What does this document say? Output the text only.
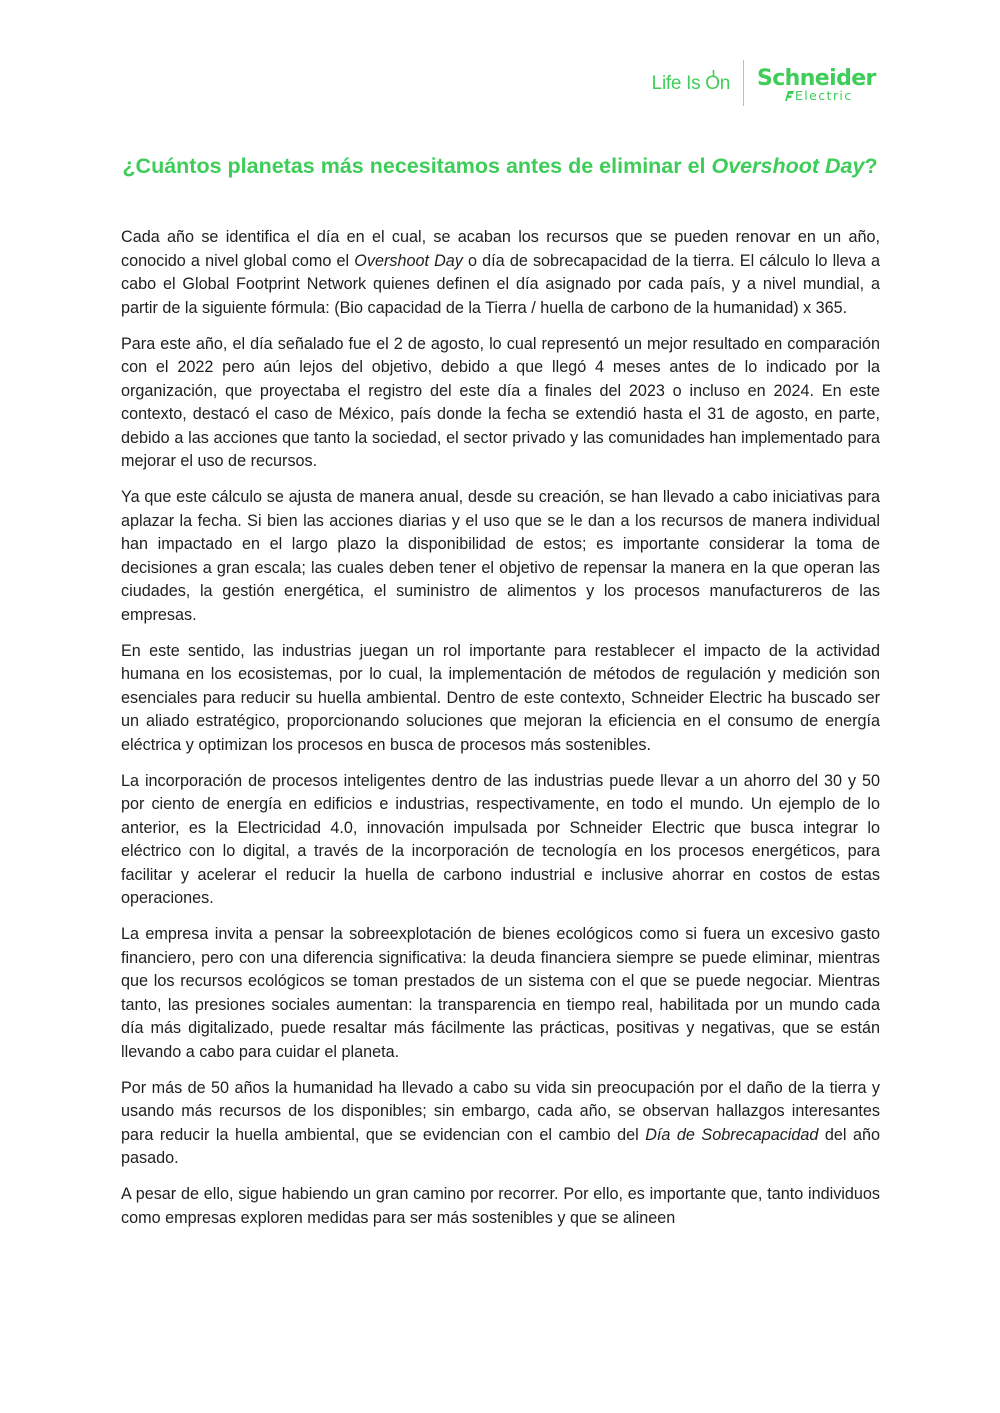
Life Is On Schneider
Electric
¿Cuántos planetas más necesitamos antes de eliminar el Overshoot Day?

Cada año se identifica el día en el cual, se acaban los recursos que se pueden renovar en un año, conocido a nivel global como el Overshoot Day o día de sobrecapacidad de la tierra. El cálculo lo lleva a cabo el Global Footprint Network quienes definen el día asignado por cada país, y a nivel mundial, a partir de la siguiente fórmula: (Bio capacidad de la Tierra / huella de carbono de la humanidad) x 365.

Para este año, el día señalado fue el 2 de agosto, lo cual representó un mejor resultado en comparación con el 2022 pero aún lejos del objetivo, debido a que llegó 4 meses antes de lo indicado por la organización, que proyectaba el registro del este día a finales del 2023 o incluso en 2024. En este contexto, destacó el caso de México, país donde la fecha se extendió hasta el 31 de agosto, en parte, debido a las acciones que tanto la sociedad, el sector privado y las comunidades han implementado para mejorar el uso de recursos.

Ya que este cálculo se ajusta de manera anual, desde su creación, se han llevado a cabo iniciativas para aplazar la fecha. Si bien las acciones diarias y el uso que se le dan a los recursos de manera individual han impactado en el largo plazo la disponibilidad de estos; es importante considerar la toma de decisiones a gran escala; las cuales deben tener el objetivo de repensar la manera en la que operan las ciudades, la gestión energética, el suministro de alimentos y los procesos manufactureros de las empresas.

En este sentido, las industrias juegan un rol importante para restablecer el impacto de la actividad humana en los ecosistemas, por lo cual, la implementación de métodos de regulación y medición son esenciales para reducir su huella ambiental. Dentro de este contexto, Schneider Electric ha buscado ser un aliado estratégico, proporcionando soluciones que mejoran la eficiencia en el consumo de energía eléctrica y optimizan los procesos en busca de procesos más sostenibles.

La incorporación de procesos inteligentes dentro de las industrias puede llevar a un ahorro del 30 y 50 por ciento de energía en edificios e industrias, respectivamente, en todo el mundo. Un ejemplo de lo anterior, es la Electricidad 4.0, innovación impulsada por Schneider Electric que busca integrar lo eléctrico con lo digital, a través de la incorporación de tecnología en los procesos energéticos, para facilitar y acelerar el reducir la huella de carbono industrial e inclusive ahorrar en costos de estas operaciones.

La empresa invita a pensar la sobreexplotación de bienes ecológicos como si fuera un excesivo gasto financiero, pero con una diferencia significativa: la deuda financiera siempre se puede eliminar, mientras que los recursos ecológicos se toman prestados de un sistema con el que se puede negociar. Mientras tanto, las presiones sociales aumentan: la transparencia en tiempo real, habilitada por un mundo cada día más digitalizado, puede resaltar más fácilmente las prácticas, positivas y negativas, que se están llevando a cabo para cuidar el planeta.

Por más de 50 años la humanidad ha llevado a cabo su vida sin preocupación por el daño de la tierra y usando más recursos de los disponibles; sin embargo, cada año, se observan hallazgos interesantes para reducir la huella ambiental, que se evidencian con el cambio del Día de Sobrecapacidad del año pasado.

A pesar de ello, sigue habiendo un gran camino por recorrer. Por ello, es importante que, tanto individuos como empresas exploren medidas para ser más sostenibles y que se alineen
